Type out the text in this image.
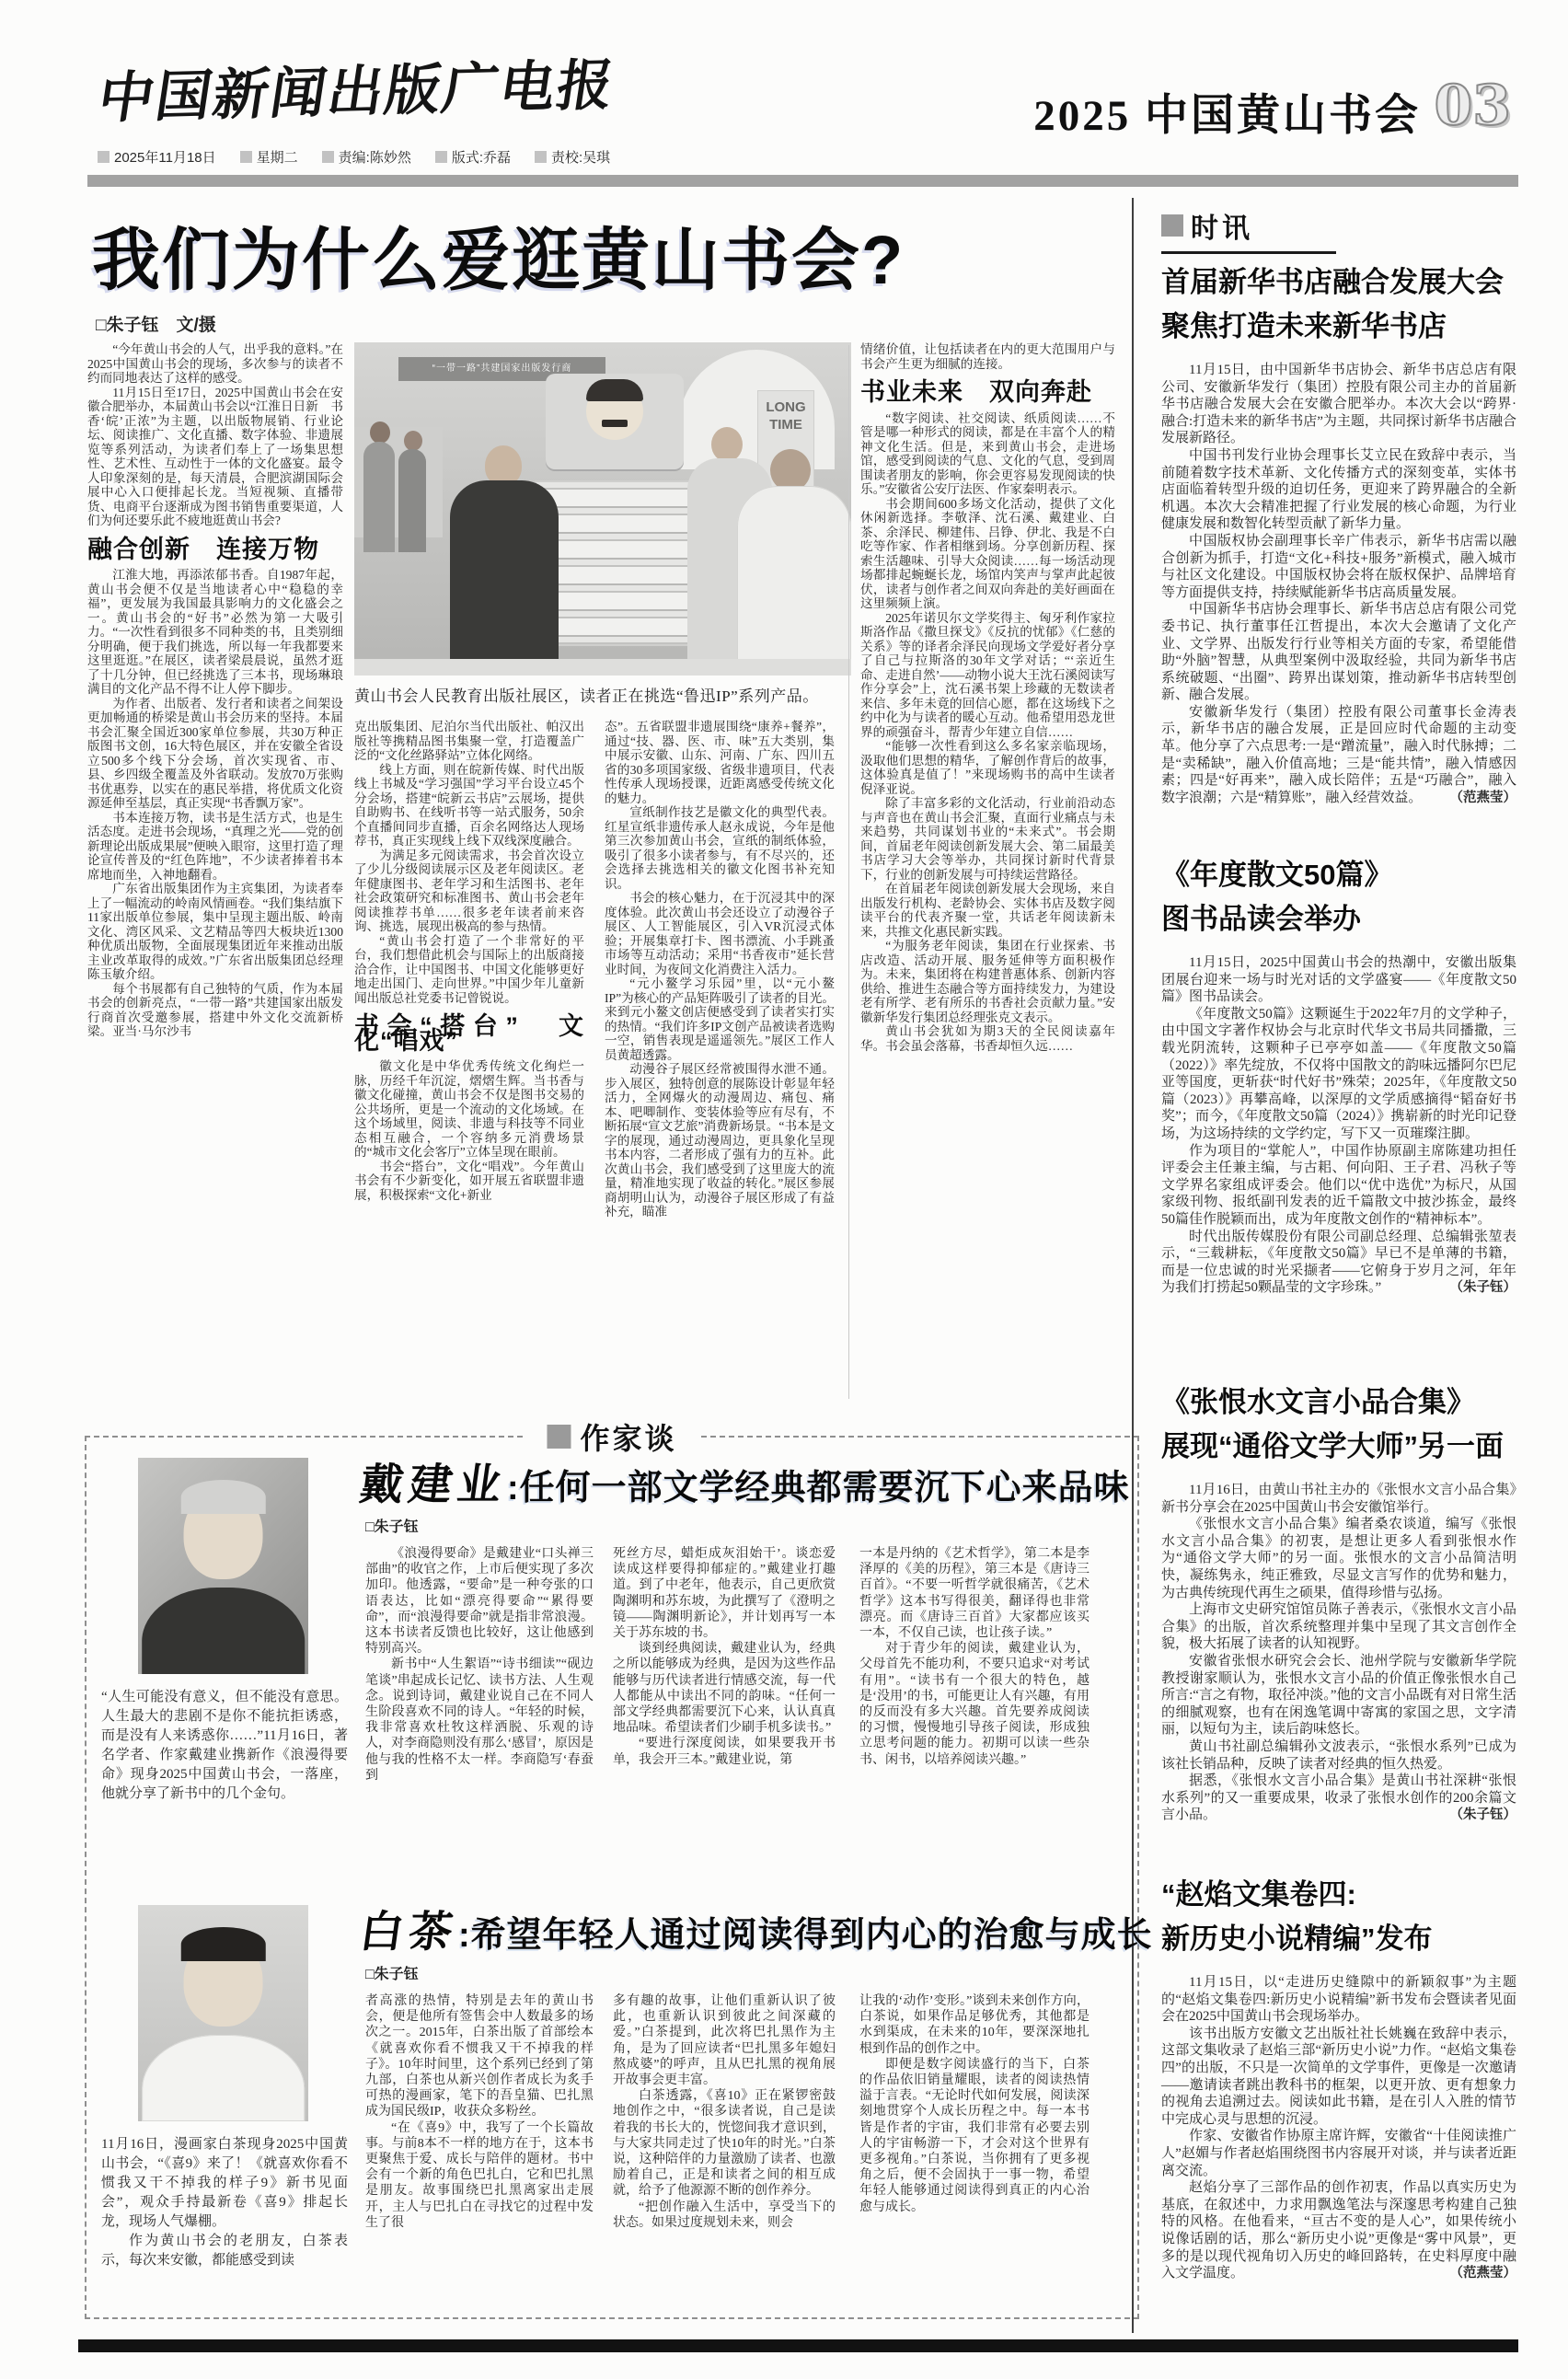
中国新闻出版广电报
2025年11月18日	星期二	责编:陈妙然	版式:乔磊	责校:吴琪
2025 中国黄山书会 03
我们为什么爱逛黄山书会?
□朱子钰　文/摄
“一带一路”共建国家出版发行商
LONG TIME
黄山书会人民教育出版社展区，读者正在挑选“鲁迅IP”系列产品。

“今年黄山书会的人气，出乎我的意料。”在2025中国黄山书会的现场，多次参与的读者不约而同地表达了这样的感受。

11月15日至17日，2025中国黄山书会在安徽合肥举办，本届黄山书会以“江淮日日新　书香‘皖’正浓”为主题，以出版物展销、行业论坛、阅读推广、文化直播、数字体验、非遗展览等系列活动，为读者们奉上了一场集思想性、艺术性、互动性于一体的文化盛宴。最令人印象深刻的是，每天清晨，合肥滨湖国际会展中心入口便排起长龙。当短视频、直播带货、电商平台逐渐成为图书销售重要渠道，人们为何还要乐此不疲地逛黄山书会?

融合创新　连接万物

江淮大地，再添浓郁书香。自1987年起，黄山书会便不仅是当地读者心中“稳稳的幸福”，更发展为我国最具影响力的文化盛会之一。黄山书会的“好书”必然为第一大吸引力。“一次性看到很多不同种类的书，且类别细分明确，便于我们挑选，所以每一年我都要来这里逛逛。”在展区，读者梁晨晨说，虽然才逛了十几分钟，但已经挑选了三本书，现场琳琅满目的文化产品不得不让人停下脚步。

为作者、出版者、发行者和读者之间架设更加畅通的桥梁是黄山书会历来的坚持。本届书会汇聚全国近300家单位参展，共30万种正版图书文创，16大特色展区，并在安徽全省设立500多个线下分会场，首次实现省、市、县、乡四级全覆盖及外省联动。发放70万张购书优惠券，以实在的惠民举措，将优质文化资源延伸至基层，真正实现“书香飘万家”。

书本连接万物，读书是生活方式，也是生活态度。走进书会现场，“真理之光——党的创新理论出版成果展”便映入眼帘，这里打造了理论宣传普及的“红色阵地”，不少读者捧着书本席地而坐，入神地翻看。

广东省出版集团作为主宾集团，为读者奉上了一幅流动的岭南风情画卷。“我们集结旗下11家出版单位参展，集中呈现主题出版、岭南文化、湾区风采、文艺精品等四大板块近1300种优质出版物，全面展现集团近年来推动出版主业改革取得的成效。”广东省出版集团总经理陈玉敏介绍。

每个书展都有自己独特的气质，作为本届书会的创新亮点，“一带一路”共建国家出版发行商首次受邀参展，搭建中外文化交流新桥梁。亚当·马尔沙韦

克出版集团、尼泊尔当代出版社、帕汉出版社等携精品图书集聚一堂，打造覆盖广泛的“文化丝路驿站”立体化网络。

线上方面，则在皖新传媒、时代出版线上书城及“学习强国”学习平台设立45个分会场，搭建“皖新云书店”云展场，提供自助购书、在线听书等一站式服务，50余个直播间同步直播，百余名网络达人现场荐书，真正实现线上线下双线深度融合。

为满足多元阅读需求，书会首次设立了少儿分级阅读展示区及老年阅读区。老年健康图书、老年学习和生活图书、老年社会政策研究和标准图书、黄山书会老年阅读推荐书单……很多老年读者前来咨询、挑选，展现出极高的参与热情。

“黄山书会打造了一个非常好的平台，我们想借此机会与国际上的出版商接洽合作，让中国图书、中国文化能够更好地走出国门、走向世界。”中国少年儿童新闻出版总社党委书记曾锐说。

书会“搭台”　文化“唱戏”

徽文化是中华优秀传统文化绚烂一脉，历经千年沉淀，熠熠生辉。当书香与徽文化碰撞，黄山书会不仅是图书交易的公共场所，更是一个流动的文化场域。在这个场域里，阅读、非遗与科技等不同业态相互融合，一个容纳多元消费场景的“城市文化会客厅”立体呈现在眼前。

书会“搭台”，文化“唱戏”。今年黄山书会有不少新变化，如开展五省联盟非遗展，积极探索“文化+新业

态”。五省联盟非遗展围绕“康养+餐养”，通过“技、器、医、市、味”五大类别，集中展示安徽、山东、河南、广东、四川五省的30多项国家级、省级非遗项目，代表性传承人现场授课，近距离感受传统文化的魅力。

宣纸制作技艺是徽文化的典型代表。红星宣纸非遗传承人赵永成说，今年是他第三次参加黄山书会，宣纸的制纸体验，吸引了很多小读者参与，有不尽兴的，还会选择去挑选相关的徽文化图书补充知识。

书会的核心魅力，在于沉浸其中的深度体验。此次黄山书会还设立了动漫谷子展区、人工智能展区，引入VR沉浸式体验；开展集章打卡、图书漂流、小手跳蚤市场等互动活动；采用“书香夜市”延长营业时间，为夜间文化消费注入活力。

“元小鳌学习乐园”里，以“元小鳌IP”为核心的产品矩阵吸引了读者的目光。来到元小鳌文创店便感受到了读者实打实的热情。“我们许多IP文创产品被读者选购一空，销售表现是遥遥领先。”展区工作人员黄超透露。

动漫谷子展区经常被围得水泄不通。步入展区，独特创意的展陈设计彰显年轻活力，全网爆火的动漫周边、痛包、痛本、吧唧制作、变装体验等应有尽有，不断拓展“宣文艺旅”消费新场景。“书本是文字的展现，通过动漫周边，更具象化呈现书本内容，二者形成了强有力的互补。此次黄山书会，我们感受到了这里庞大的流量，精准地实现了收益的转化。”展区参展商胡明山认为，动漫谷子展区形成了有益补充，瞄准

情绪价值，让包括读者在内的更大范围用户与书会产生更为细腻的连接。

书业未来　双向奔赴

“数字阅读、社交阅读、纸质阅读……不管是哪一种形式的阅读，都是在丰富个人的精神文化生活。但是，来到黄山书会，走进场馆，感受到阅读的气息、文化的气息，受到周围读者朋友的影响，你会更容易发现阅读的快乐。”安徽省公安厅法医、作家秦明表示。

书会期间600多场文化活动，提供了文化休闲新选择。李敬泽、沈石溪、戴建业、白茶、余泽民、柳建伟、吕铮、伊北、我是不白吃等作家、作者相继到场。分享创新历程、探索生活趣味、引导大众阅读……每一场活动现场都排起蜿蜒长龙，场馆内笑声与掌声此起彼伏，读者与创作者之间双向奔赴的美好画面在这里频频上演。

2025年诺贝尔文学奖得主、匈牙利作家拉斯洛作品《撒旦探戈》《反抗的忧郁》《仁慈的关系》等的译者余泽民向现场文学爱好者分享了自己与拉斯洛的30年文学对话；“‘亲近生命、走进自然’——动物小说大王沈石溪阅读写作分享会”上，沈石溪书架上珍藏的无数读者来信、多年未竟的回信心愿，都在这场线下之约中化为与读者的暖心互动。他希望用恐龙世界的顽强奋斗，帮青少年建立自信……

“能够一次性看到这么多名家亲临现场，汲取他们思想的精华，了解创作背后的故事，这体验真是值了！”来现场购书的高中生读者倪泽亚说。

除了丰富多彩的文化活动，行业前沿动态与声音也在黄山书会汇聚，直面行业痛点与未来趋势，共同谋划书业的“未来式”。书会期间，首届老年阅读创新发展大会、第二届最美书店学习大会等举办，共同探讨新时代背景下，行业的创新发展与可持续运营路径。

在首届老年阅读创新发展大会现场，来自出版发行机构、老龄协会、实体书店及数字阅读平台的代表齐聚一堂，共话老年阅读新未来，共推文化惠民新实践。

“为服务老年阅读，集团在行业探索、书店改造、活动开展、服务延伸等方面积极作为。未来，集团将在构建普惠体系、创新内容供给、推进生态融合等方面持续发力，为建设老有所学、老有所乐的书香社会贡献力量。”安徽新华发行集团总经理张克文表示。

黄山书会犹如为期3天的全民阅读嘉年华。书会虽会落幕，书香却恒久远……

时讯
首届新华书店融合发展大会
聚焦打造未来新华书店

11月15日，由中国新华书店协会、新华书店总店有限公司、安徽新华发行（集团）控股有限公司主办的首届新华书店融合发展大会在安徽合肥举办。本次大会以“跨界·融合:打造未来的新华书店”为主题，共同探讨新华书店融合发展新路径。

中国书刊发行业协会理事长艾立民在致辞中表示，当前随着数字技术革新、文化传播方式的深刻变革，实体书店面临着转型升级的迫切任务，更迎来了跨界融合的全新机遇。本次大会精准把握了行业发展的核心命题，为行业健康发展和数智化转型贡献了新华力量。

中国版权协会副理事长辛广伟表示，新华书店需以融合创新为抓手，打造“文化+科技+服务”新模式，融入城市与社区文化建设。中国版权协会将在版权保护、品牌培育等方面提供支持，持续赋能新华书店高质量发展。

中国新华书店协会理事长、新华书店总店有限公司党委书记、执行董事任江哲提出，本次大会邀请了文化产业、文学界、出版发行行业等相关方面的专家，希望能借助“外脑”智慧，从典型案例中汲取经验，共同为新华书店系统破题、“出圈”、跨界出谋划策，推动新华书店转型创新、融合发展。

安徽新华发行（集团）控股有限公司董事长金涛表示，新华书店的融合发展，正是回应时代命题的主动变革。他分享了六点思考:一是“蹭流量”，融入时代脉搏；二是“卖稀缺”，融入价值高地；三是“能共情”，融入情感因素；四是“好再来”，融入成长陪伴；五是“巧融合”，融入数字浪潮；六是“精算账”，融入经营效益。	（范燕莹）

《年度散文50篇》
图书品读会举办

11月15日，2025中国黄山书会的热潮中，安徽出版集团展台迎来一场与时光对话的文学盛宴——《年度散文50篇》图书品读会。

《年度散文50篇》这颗诞生于2022年7月的文学种子，由中国文字著作权协会与北京时代华文书局共同播撒，三载光阴流转，这颗种子已亭亭如盖——《年度散文50篇（2022）》率先绽放，不仅将中国散文的韵味远播阿尔巴尼亚等国度，更斩获“时代好书”殊荣；2025年，《年度散文50篇（2023）》再攀高峰，以深厚的文学质感摘得“韬奋好书奖”；而今，《年度散文50篇（2024）》携崭新的时光印记登场，为这场持续的文学约定，写下又一页璀璨注脚。

作为项目的“掌舵人”，中国作协原副主席陈建功担任评委会主任兼主编，与古耜、何向阳、王子君、冯秋子等文学界名家组成评委会。他们以“优中选优”为标尺，从国家级刊物、报纸副刊发表的近千篇散文中披沙拣金，最终50篇佳作脱颖而出，成为年度散文创作的“精神标本”。

时代出版传媒股份有限公司副总经理、总编辑张堃表示，“三载耕耘，《年度散文50篇》早已不是单薄的书籍，而是一位忠诚的时光采撷者——它俯身于岁月之河，年年为我们打捞起50颗晶莹的文字珍珠。”	（朱子钰）

《张恨水文言小品合集》
展现“通俗文学大师”另一面

11月16日，由黄山书社主办的《张恨水文言小品合集》新书分享会在2025中国黄山书会安徽馆举行。

《张恨水文言小品合集》编者桑农谈道，编写《张恨水文言小品合集》的初衷，是想让更多人看到张恨水作为“通俗文学大师”的另一面。张恨水的文言小品简洁明快，凝练隽永，纯正雅致，尽显文言写作的优势和魅力，为古典传统现代再生之硕果，值得珍惜与弘扬。

上海市文史研究馆馆员陈子善表示，《张恨水文言小品合集》的出版，首次系统整理并集中呈现了其文言创作全貌，极大拓展了读者的认知视野。

安徽省张恨水研究会会长、池州学院与安徽新华学院教授谢家顺认为，张恨水文言小品的价值正像张恨水自己所言:“言之有物，取径冲淡。”他的文言小品既有对日常生活的细腻观察，也有在闲逸笔调中寄寓的家国之思，文字清丽，以短句为主，读后韵味悠长。

黄山书社副总编辑孙文波表示，“张恨水系列”已成为该社长销品种，反映了读者对经典的恒久热爱。

据悉，《张恨水文言小品合集》是黄山书社深耕“张恨水系列”的又一重要成果，收录了张恨水创作的200余篇文言小品。	（朱子钰）

“赵焰文集卷四:
新历史小说精编”发布

11月15日，以“走进历史缝隙中的新颖叙事”为主题的“赵焰文集卷四:新历史小说精编”新书发布会暨读者见面会在2025中国黄山书会现场举办。

该书出版方安徽文艺出版社社长姚巍在致辞中表示，这部文集收录了赵焰三部“新历史小说”力作。“赵焰文集卷四”的出版，不只是一次简单的文学事件，更像是一次邀请——邀请读者跳出教科书的框架，以更开放、更有想象力的视角去追溯过去。阅读如此书籍，是在引人入胜的情节中完成心灵与思想的沉浸。

作家、安徽省作协原主席许辉，安徽省“十佳阅读推广人”赵媚与作者赵焰围绕图书内容展开对谈，并与读者近距离交流。

赵焰分享了三部作品的创作初衷，作品以真实历史为基底，在叙述中，力求用飘逸笔法与深邃思考构建自己独特的风格。在他看来，“亘古不变的是人心”，如果传统小说像话剧的话，那么“新历史小说”更像是“雾中风景”，更多的是以现代视角切入历史的峰回路转，在史料厚度中融入文学温度。	（范燕莹）

作家谈

“人生可能没有意义，但不能没有意思。人生最大的悲剧不是你不能抗拒诱惑，而是没有人来诱惑你……”11月16日，著名学者、作家戴建业携新作《浪漫得要命》现身2025中国黄山书会，一落座，他就分享了新书中的几个金句。

戴建业:任何一部文学经典都需要沉下心来品味
□朱子钰

《浪漫得要命》是戴建业“口头禅三部曲”的收官之作，上市后便实现了多次加印。他透露，“要命”是一种夸张的口语表达，比如“漂亮得要命”“累得要命”，而“浪漫得要命”就是指非常浪漫。这本书读者反馈也比较好，这让他感到特别高兴。

新书中“人生絮语”“诗书细读”“砚边笔谈”串起成长记忆、读书方法、人生观念。说到诗词，戴建业说自己在不同人生阶段喜欢不同的诗人。“年轻的时候，我非常喜欢杜牧这样洒脱、乐观的诗人，对李商隐则没有那么‘感冒’，原因是他与我的性格不太一样。李商隐写‘春蚕到

死丝方尽，蜡炬成灰泪始干’。谈恋爱读成这样要得抑郁症的。”戴建业打趣道。到了中老年，他表示，自己更欣赏陶渊明和苏东坡，为此撰写了《澄明之镜——陶渊明新论》，并计划再写一本关于苏东坡的书。

谈到经典阅读，戴建业认为，经典之所以能够成为经典，是因为这些作品能够与历代读者进行情感交流，每一代人都能从中读出不同的韵味。“任何一部文学经典都需要沉下心来，认认真真地品味。希望读者们少刷手机多读书。”

“要进行深度阅读，如果要我开书单，我会开三本。”戴建业说，第

一本是丹纳的《艺术哲学》，第二本是李泽厚的《美的历程》，第三本是《唐诗三百首》。“不要一听哲学就很痛苦，《艺术哲学》这本书写得很美，翻译得也非常漂亮。而《唐诗三百首》大家都应该买一本，不仅自己读，也让孩子读。”

对于青少年的阅读，戴建业认为，父母首先不能功利，不要只追求“对考试有用”。“读书有一个很大的特色，越是‘没用’的书，可能更让人有兴趣，有用的反而没有多大兴趣。首先要养成阅读的习惯，慢慢地引导孩子阅读，形成独立思考问题的能力。初期可以读一些杂书、闲书，以培养阅读兴趣。”

11月16日，漫画家白茶现身2025中国黄山书会，“《喜9》来了！《就喜欢你看不惯我又干不掉我的样子9》新书见面会”，观众手持最新卷《喜9》排起长龙，现场人气爆棚。

作为黄山书会的老朋友，白茶表示，每次来安徽，都能感受到读

白茶:希望年轻人通过阅读得到内心的治愈与成长
□朱子钰

者高涨的热情，特别是去年的黄山书会，便是他所有签售会中人数最多的场次之一。2015年，白茶出版了首部绘本《就喜欢你看不惯我又干不掉我的样子》。10年时间里，这个系列已经到了第九部，白茶也从新兴创作者成长为炙手可热的漫画家，笔下的吾皇猫、巴扎黑成为国民级IP，收获众多粉丝。

“在《喜9》中，我写了一个长篇故事。与前8本不一样的地方在于，这本书更聚焦于爱、成长与陪伴的题材。书中会有一个新的角色巴扎白，它和巴扎黑是朋友。故事围绕巴扎黑离家出走展开，主人与巴扎白在寻找它的过程中发生了很

多有趣的故事，让他们重新认识了彼此，也重新认识到彼此之间深藏的爱。”白茶提到，此次将巴扎黑作为主角，是为了回应读者“巴扎黑多年媳妇熬成婆”的呼声，且从巴扎黑的视角展开故事会更丰富。

白茶透露，《喜10》正在紧锣密鼓地创作之中，“很多读者说，自己是读着我的书长大的，恍惚间我才意识到，与大家共同走过了快10年的时光。”白茶说，这种陪伴的力量激励了读者、也激励着自己，正是和读者之间的相互成就，给予了他源源不断的创作养分。

“把创作融入生活中，享受当下的状态。如果过度规划未来，则会

让我的‘动作’变形。”谈到未来创作方向，白茶说，如果作品足够优秀，其他都是水到渠成，在未来的10年，要深深地扎根到作品的创作之中。

即便是数字阅读盛行的当下，白茶的作品依旧销量耀眼，读者的阅读热情溢于言表。“无论时代如何发展，阅读深刻地贯穿个人成长历程之中。每一本书皆是作者的宇宙，我们非常有必要去别人的宇宙畅游一下，才会对这个世界有更多视角。”白茶说，当你拥有了更多视角之后，便不会固执于一事一物，希望年轻人能够通过阅读得到真正的内心治愈与成长。
